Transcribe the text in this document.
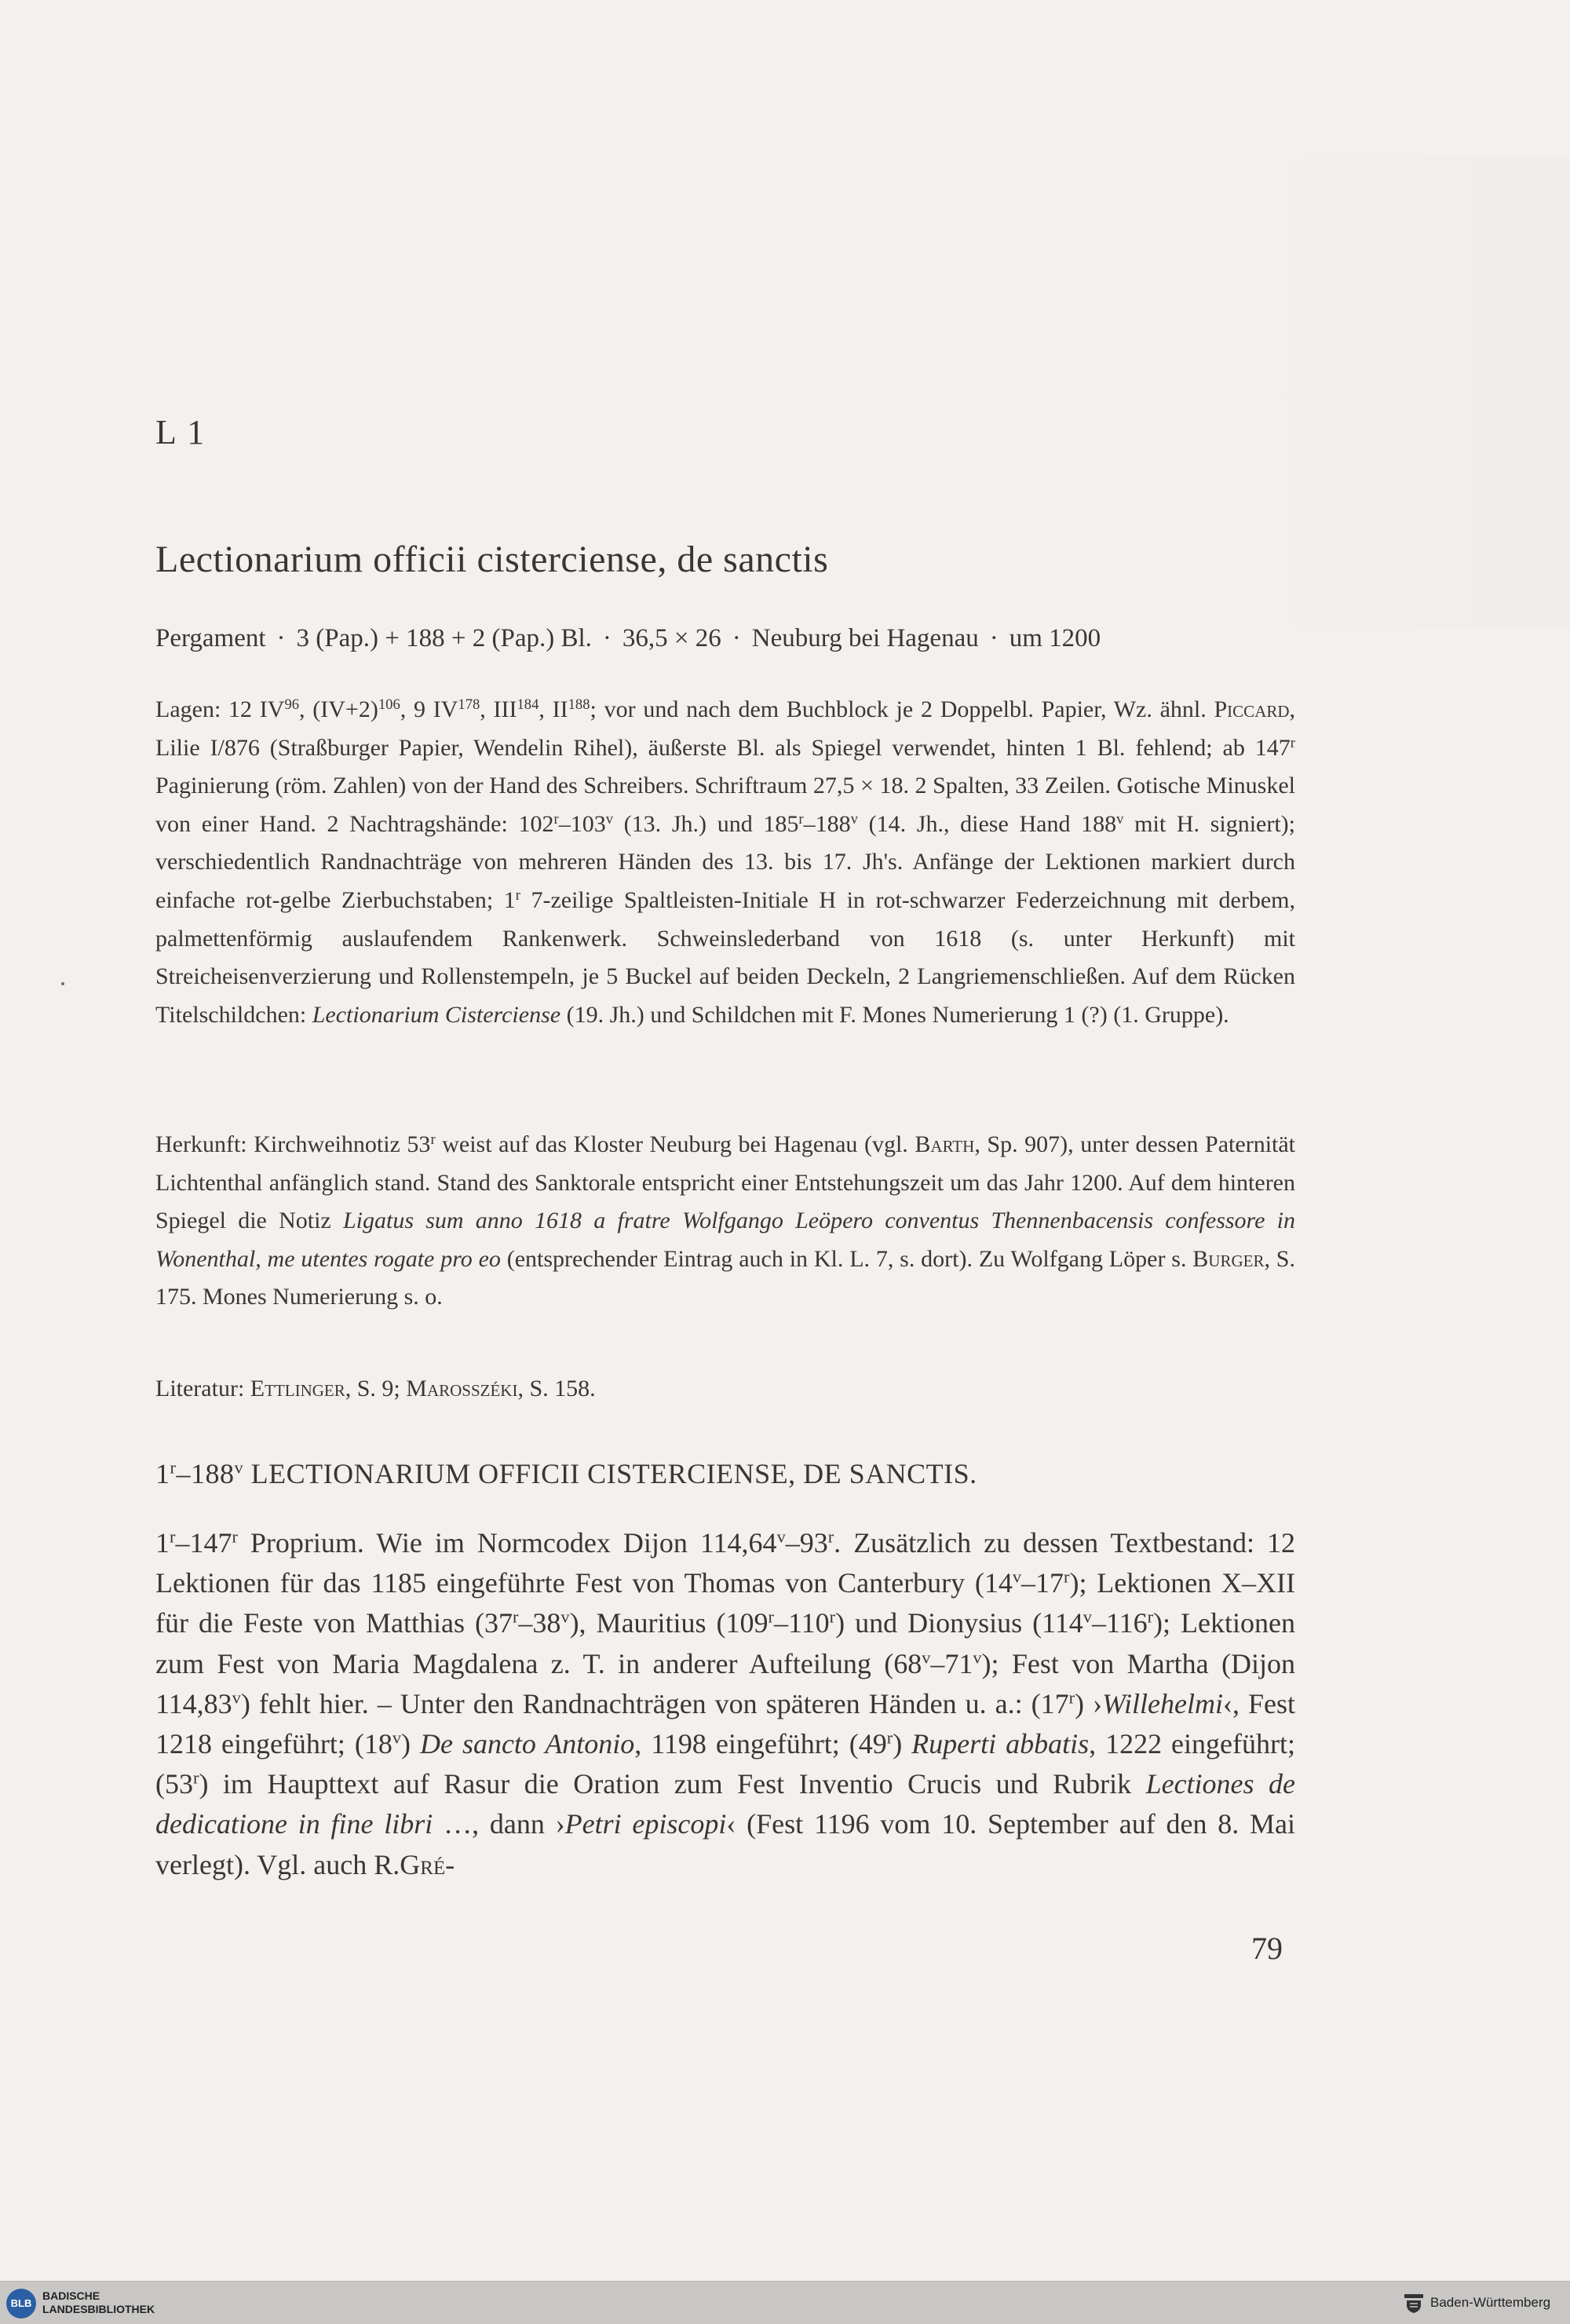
L 1
Lectionarium officii cisterciense, de sanctis
Pergament · 3 (Pap.) + 188 + 2 (Pap.) Bl. · 36,5 × 26 · Neuburg bei Hagenau · um 1200
Lagen: 12 IV$^{96}$, $(IV+2)^{106}$, 9 IV$^{178}$, III$^{184}$, II$^{188}$; vor und nach dem Buchblock je 2 Doppelbl. Papier, Wz. ähnl. Piccard, Lilie I/876 (Straßburger Papier, Wendelin Rihel), äußerste Bl. als Spiegel verwendet, hinten 1 Bl. fehlend; ab 147$^r$ Paginierung (röm. Zahlen) von der Hand des Schreibers. Schriftraum 27,5 × 18. 2 Spalten, 33 Zeilen. Gotische Minuskel von einer Hand. 2 Nachtragshände: 102$^r$–103$^v$ (13. Jh.) und 185$^r$–188$^v$ (14. Jh., diese Hand 188$^v$ mit H. signiert); verschiedentlich Randnachträge von mehreren Händen des 13. bis 17. Jh's. Anfänge der Lektionen markiert durch einfache rot-gelbe Zierbuchstaben; 1$^r$ 7-zeilige Spaltleisten-Initiale H in rot-schwarzer Federzeichnung mit derbem, palmettenförmig auslaufendem Rankenwerk. Schweinslederband von 1618 (s. unter Herkunft) mit Streicheisenverzierung und Rollenstempeln, je 5 Buckel auf beiden Deckeln, 2 Langriemenschließen. Auf dem Rücken Titelschildchen: Lectionarium Cisterciense (19. Jh.) und Schildchen mit F. Mones Numerierung 1 (?) (1. Gruppe).
Herkunft: Kirchweihnotiz 53$^r$ weist auf das Kloster Neuburg bei Hagenau (vgl. Barth, Sp. 907), unter dessen Paternität Lichtenthal anfänglich stand. Stand des Sanktorale entspricht einer Entstehungszeit um das Jahr 1200. Auf dem hinteren Spiegel die Notiz Ligatus sum anno 1618 a fratre Wolfgango Leöpero conventus Thennenbacensis confessore in Wonenthal, me utentes rogate pro eo (entsprechender Eintrag auch in Kl. L. 7, s. dort). Zu Wolfgang Löper s. Burger, S. 175. Mones Numerierung s. o.
Literatur: Ettlinger, S. 9; Marosszéki, S. 158.
1$^r$–188$^v$ LECTIONARIUM OFFICII CISTERCIENSE, DE SANCTIS.
1$^r$–147$^r$ Proprium. Wie im Normcodex Dijon 114,64$^v$–93$^r$. Zusätzlich zu dessen Textbestand: 12 Lektionen für das 1185 eingeführte Fest von Thomas von Canterbury (14$^v$–17$^r$); Lektionen X–XII für die Feste von Matthias (37$^r$–38$^v$), Mauritius (109$^r$–110$^r$) und Dionysius (114$^v$–116$^r$); Lektionen zum Fest von Maria Magdalena z. T. in anderer Aufteilung (68$^v$–71$^v$); Fest von Martha (Dijon 114,83$^v$) fehlt hier. – Unter den Randnachträgen von späteren Händen u. a.: (17$^r$) ›Willehelmi‹, Fest 1218 eingeführt; (18$^v$) De sancto Antonio, 1198 eingeführt; (49$^r$) Ruperti abbatis, 1222 eingeführt; (53$^r$) im Haupttext auf Rasur die Oration zum Fest Inventio Crucis und Rubrik Lectiones de dedicatione in fine libri …, dann ›Petri episcopi‹ (Fest 1196 vom 10. September auf den 8. Mai verlegt). Vgl. auch R.Gré-
79
BLB
BADISCHE
LANDESBIBLIOTHEK	Baden-Württemberg
